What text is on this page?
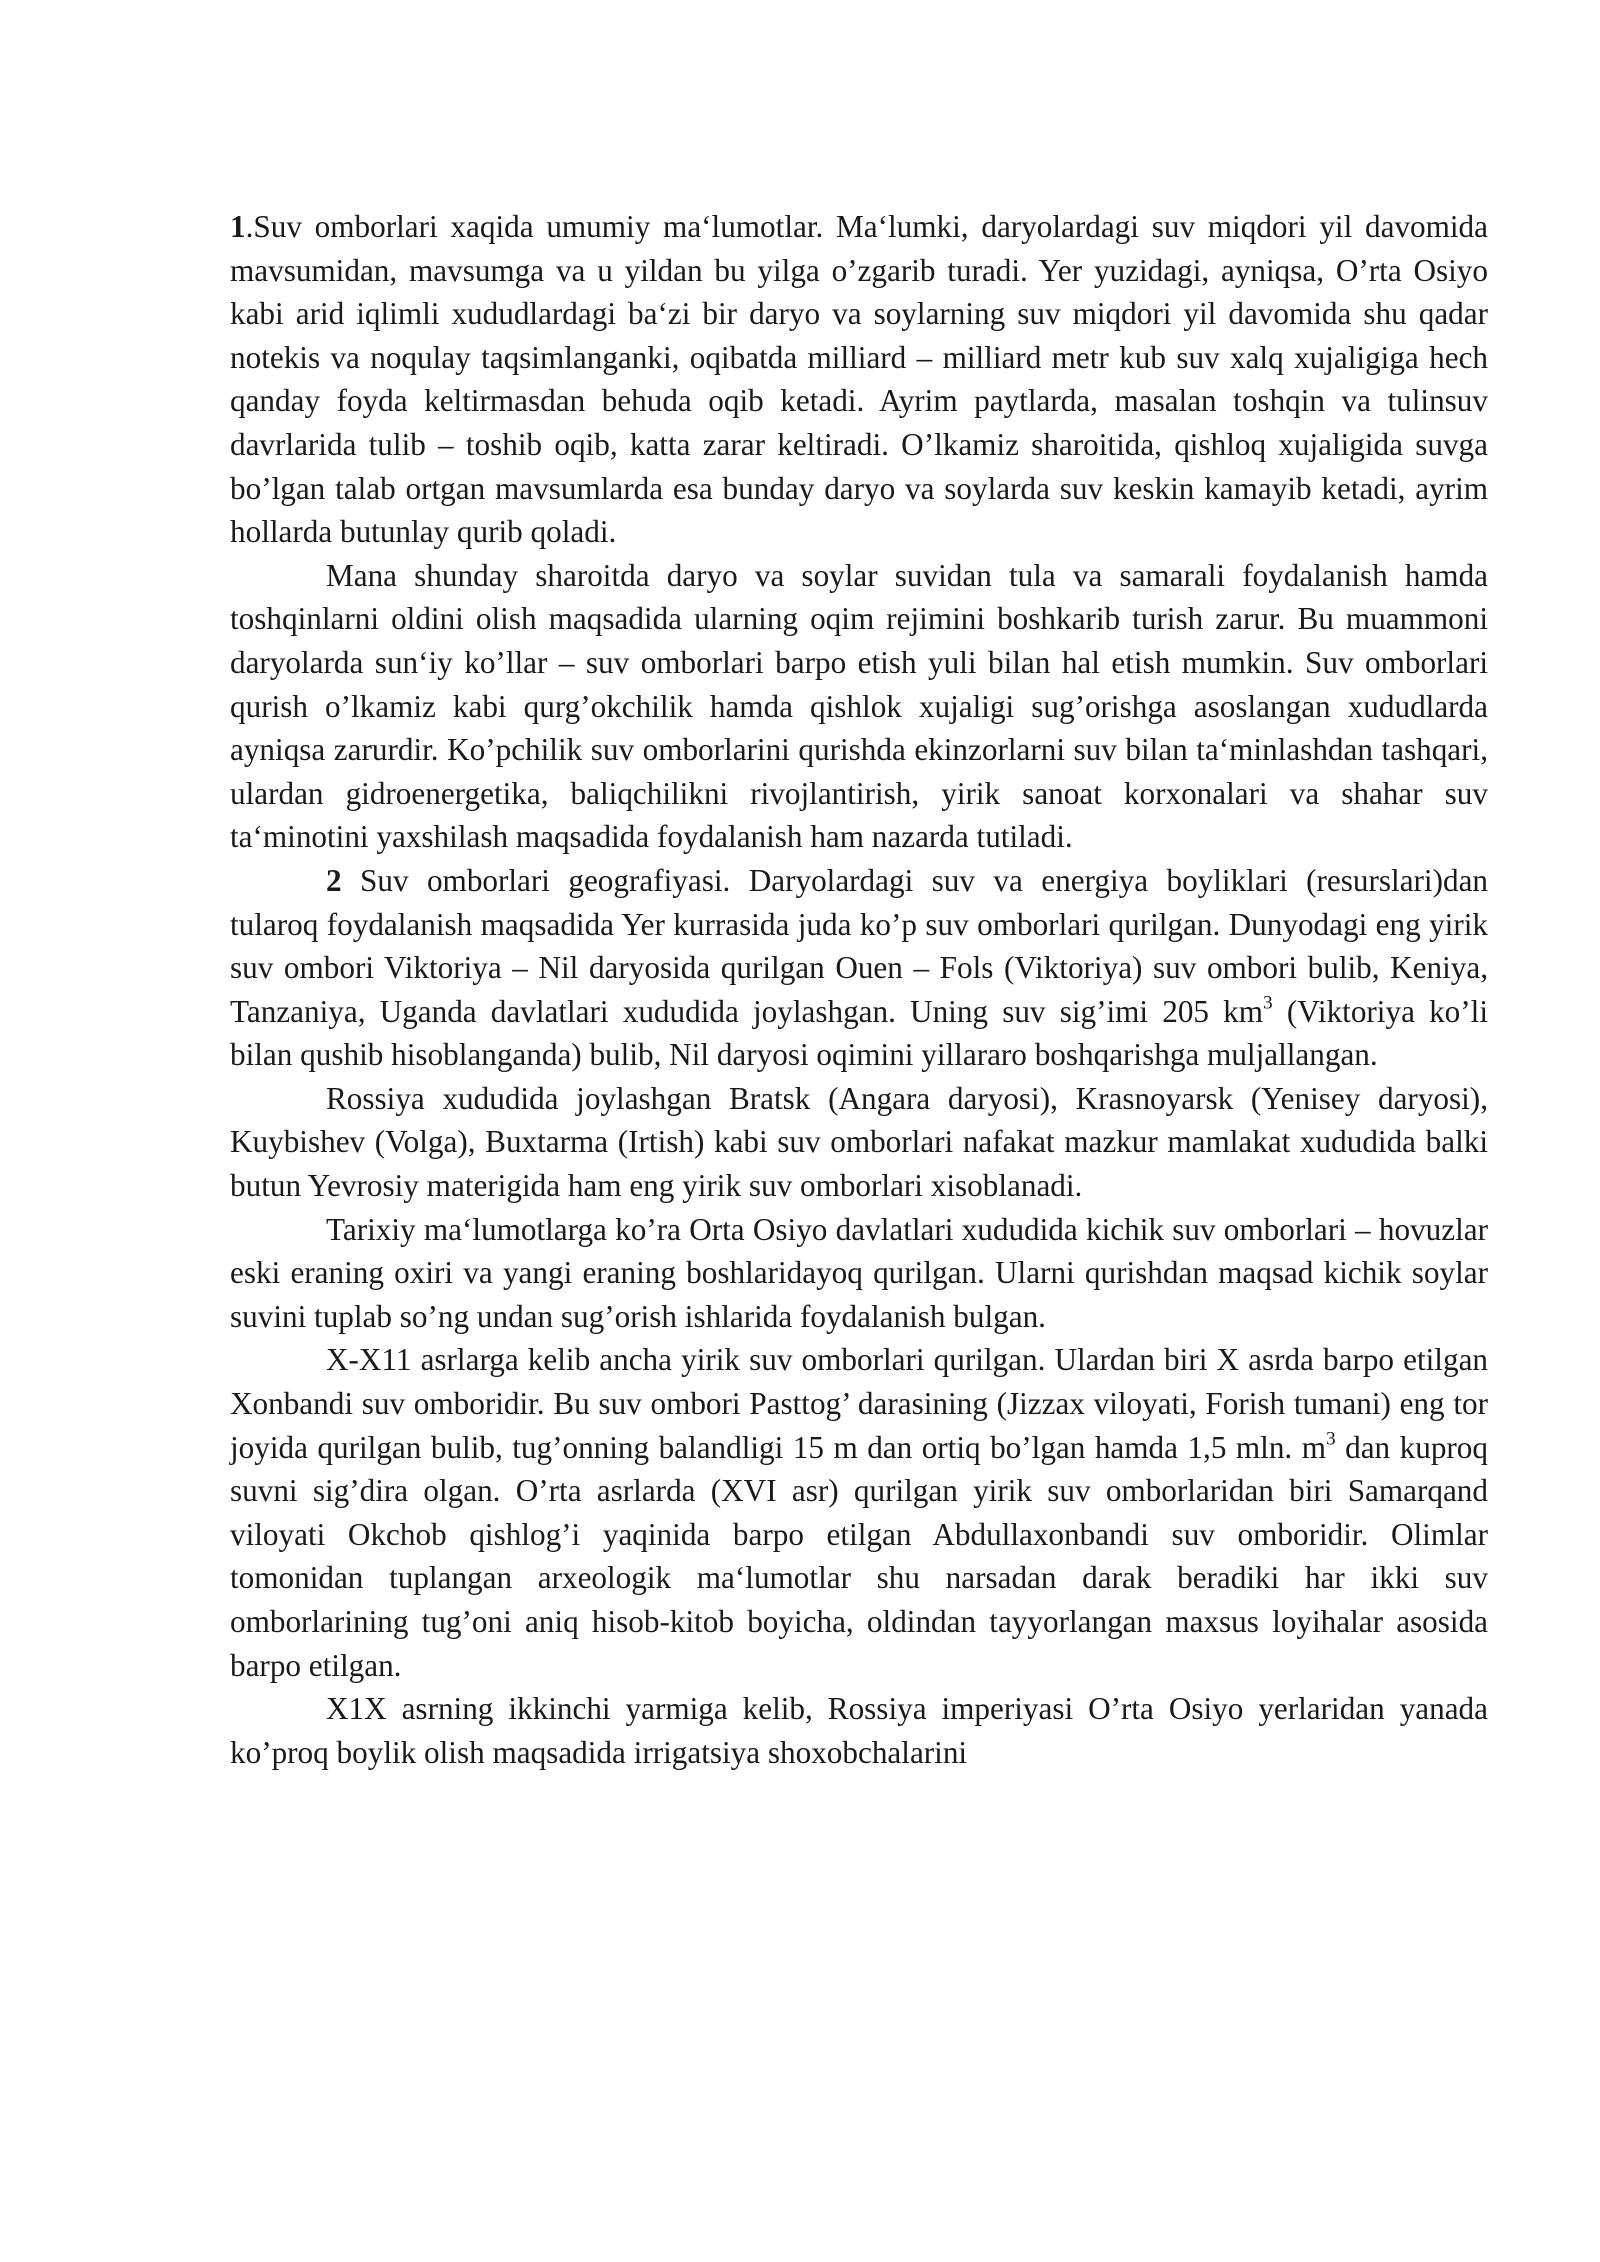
1.Suv omborlari xaqida umumiy ma‘lumotlar. Ma‘lumki, daryolardagi suv miqdori yil davomida mavsumidan, mavsumga va u yildan bu yilga o’zgarib turadi. Yer yuzidagi, ayniqsa, O’rta Osiyo kabi arid iqlimli xududlardagi ba‘zi bir daryo va soylarning suv miqdori yil davomida shu qadar notekis va noqulay taqsimlanganki, oqibatda milliard – milliard metr kub suv xalq xujaligiga hech qanday foyda keltirmasdan behuda oqib ketadi. Ayrim paytlarda, masalan toshqin va tulinsuv davrlarida tulib – toshib oqib, katta zarar keltiradi. O’lkamiz sharoitida, qishloq xujaligida suvga bo’lgan talab ortgan mavsumlarda esa bunday daryo va soylarda suv keskin kamayib ketadi, ayrim hollarda butunlay qurib qoladi.

Mana shunday sharoitda daryo va soylar suvidan tula va samarali foydalanish hamda toshqinlarni oldini olish maqsadida ularning oqim rejimini boshkarib turish zarur. Bu muammoni daryolarda sun‘iy ko’llar – suv omborlari barpo etish yuli bilan hal etish mumkin. Suv omborlari qurish o’lkamiz kabi qurg’okchilik hamda qishlok xujaligi sug’orishga asoslangan xududlarda ayniqsa zarurdir. Ko’pchilik suv omborlarini qurishda ekinzorlarni suv bilan ta‘minlashdan tashqari, ulardan gidroenergetika, baliqchilikni rivojlantirish, yirik sanoat korxonalari va shahar suv ta‘minotini yaxshilash maqsadida foydalanish ham nazarda tutiladi.

2 Suv omborlari geografiyasi. Daryolardagi suv va energiya boyliklari (resurslari)dan tularoq foydalanish maqsadida Yer kurrasida juda ko’p suv omborlari qurilgan. Dunyodagi eng yirik suv ombori Viktoriya – Nil daryosida qurilgan Ouen – Fols (Viktoriya) suv ombori bulib, Keniya, Tanzaniya, Uganda davlatlari xududida joylashgan. Uning suv sig’imi 205 $km^3$ (Viktoriya ko’li bilan qushib hisoblanganda) bulib, Nil daryosi oqimini yillararo boshqarishga muljallangan.

Rossiya xududida joylashgan Bratsk (Angara daryosi), Krasnoyarsk (Yenisey daryosi), Kuybishev (Volga), Buxtarma (Irtish) kabi suv omborlari nafakat mazkur mamlakat xududida balki butun Yevrosiy materigida ham eng yirik suv omborlari xisoblanadi.

Tarixiy ma‘lumotlarga ko’ra Orta Osiyo davlatlari xududida kichik suv omborlari – hovuzlar eski eraning oxiri va yangi eraning boshlaridayoq qurilgan. Ularni qurishdan maqsad kichik soylar suvini tuplab so’ng undan sug’orish ishlarida foydalanish bulgan.

X-X11 asrlarga kelib ancha yirik suv omborlari qurilgan. Ulardan biri X asrda barpo etilgan Xonbandi suv omboridir. Bu suv ombori Pasttog’ darasining (Jizzax viloyati, Forish tumani) eng tor joyida qurilgan bulib, tug’onning balandligi 15 m dan ortiq bo’lgan hamda 1,5 mln. $m^3$ dan kuproq suvni sig’dira olgan. O’rta asrlarda (XVI asr) qurilgan yirik suv omborlaridan biri Samarqand viloyati Okchob qishlog’i yaqinida barpo etilgan Abdullaxonbandi suv omboridir. Olimlar tomonidan tuplangan arxeologik ma‘lumotlar shu narsadan darak beradiki har ikki suv omborlarining tug’oni aniq hisob-kitob boyicha, oldindan tayyorlangan maxsus loyihalar asosida barpo etilgan.

X1X asrning ikkinchi yarmiga kelib, Rossiya imperiyasi O’rta Osiyo yerlaridan yanada ko’proq boylik olish maqsadida irrigatsiya shoxobchalarini
